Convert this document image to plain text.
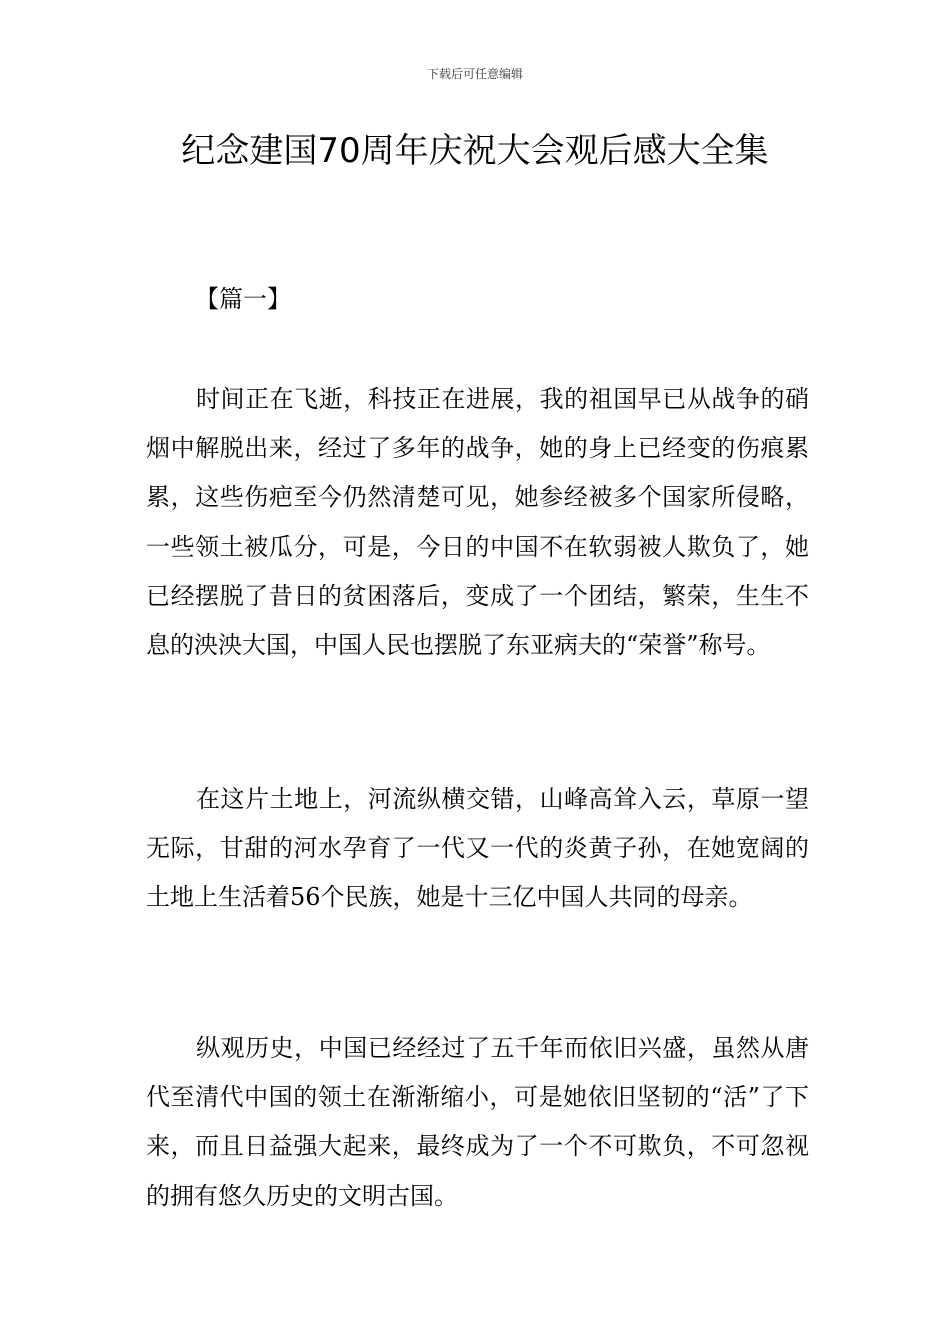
下载后可任意编辑
纪念建国70周年庆祝大会观后感大全集
【篇一】

时间正在飞逝，科技正在进展，我的祖国早已从战争的硝烟中解脱出来，经过了多年的战争，她的身上已经变的伤痕累累，这些伤疤至今仍然清楚可见，她参经被多个国家所侵略，一些领土被瓜分，可是，今日的中国不在软弱被人欺负了，她已经摆脱了昔日的贫困落后，变成了一个团结，繁荣，生生不息的泱泱大国，中国人民也摆脱了东亚病夫的“荣誉”称号。

在这片土地上，河流纵横交错，山峰高耸入云，草原一望无际，甘甜的河水孕育了一代又一代的炎黄子孙，在她宽阔的土地上生活着56个民族，她是十三亿中国人共同的母亲。

纵观历史，中国已经经过了五千年而依旧兴盛，虽然从唐代至清代中国的领土在渐渐缩小，可是她依旧坚韧的“活”了下来，而且日益强大起来，最终成为了一个不可欺负，不可忽视的拥有悠久历史的文明古国。
